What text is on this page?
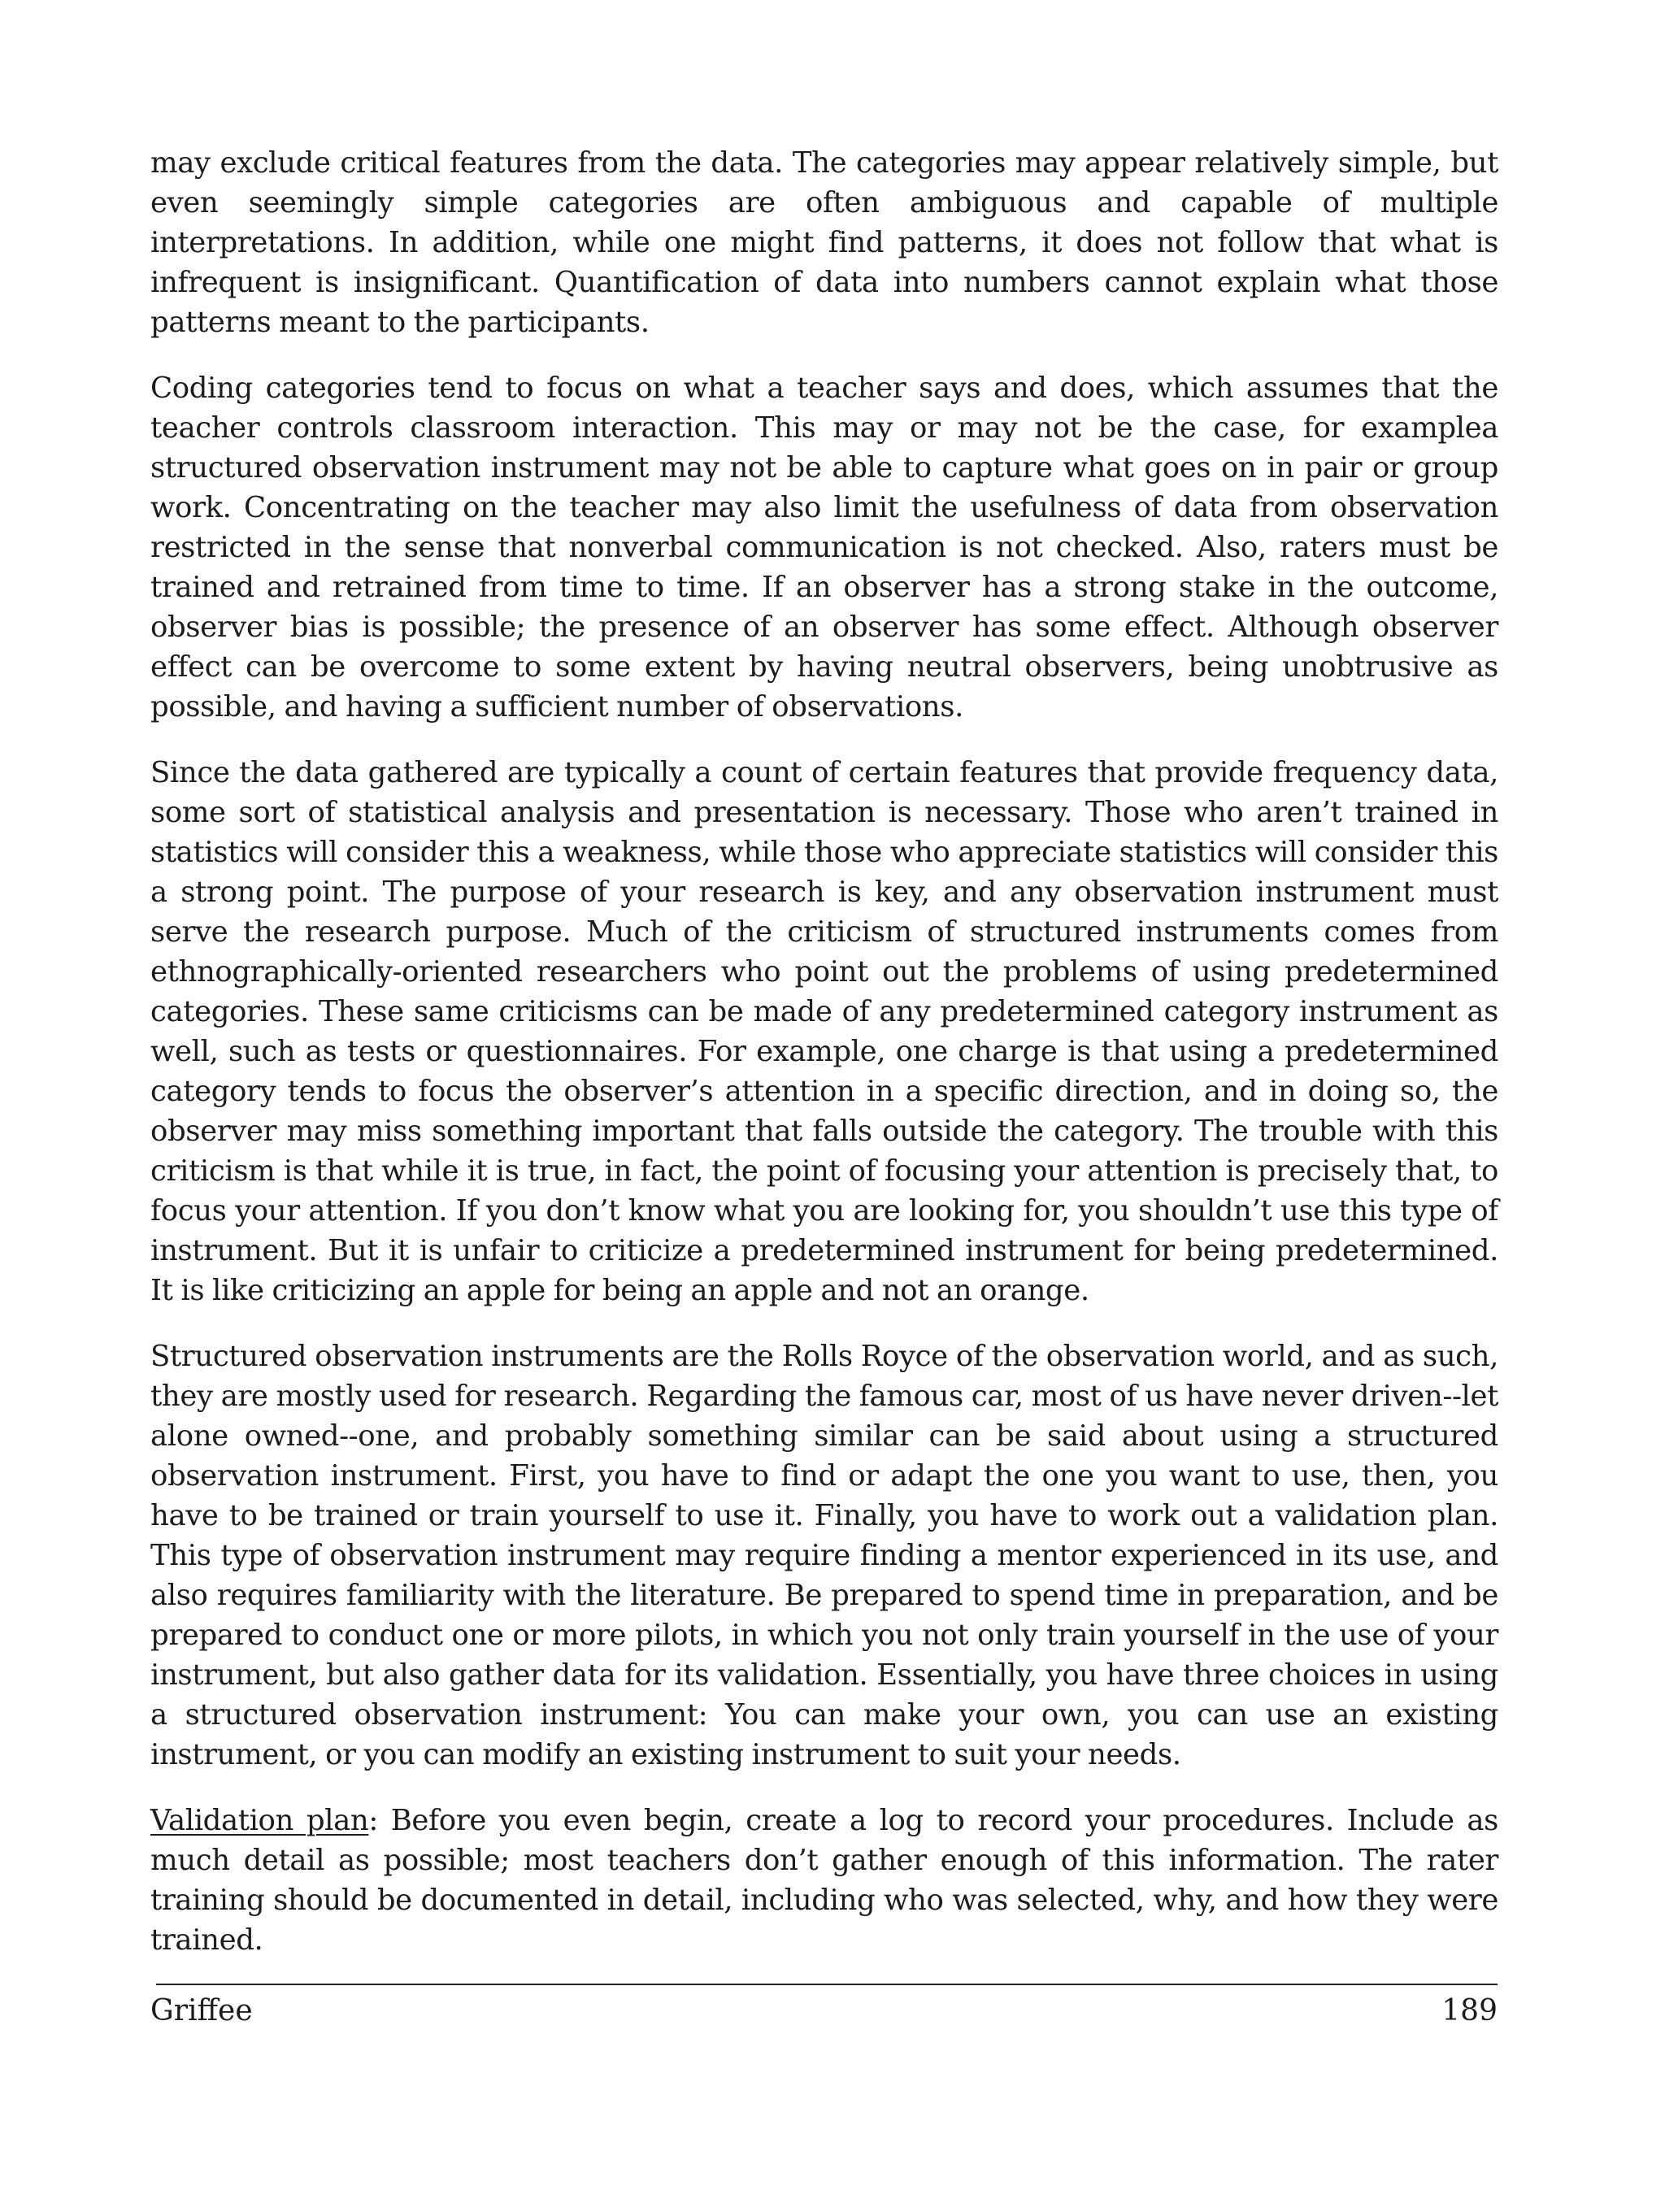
may exclude critical features from the data. The categories may appear relatively simple, but even seemingly simple categories are often ambiguous and capable of multiple interpretations. In addition, while one might find patterns, it does not follow that what is infrequent is insignificant. Quantification of data into numbers cannot explain what those patterns meant to the participants.

Coding categories tend to focus on what a teacher says and does, which assumes that the teacher controls classroom interaction. This may or may not be the case, for examplea structured observation instrument may not be able to capture what goes on in pair or group work. Concentrating on the teacher may also limit the usefulness of data from observation restricted in the sense that nonverbal communication is not checked. Also, raters must be trained and retrained from time to time. If an observer has a strong stake in the outcome, observer bias is possible; the presence of an observer has some effect. Although observer effect can be overcome to some extent by having neutral observers, being unobtrusive as possible, and having a sufficient number of observations.

Since the data gathered are typically a count of certain features that provide frequency data, some sort of statistical analysis and presentation is necessary. Those who aren’t trained in statistics will consider this a weakness, while those who appreciate statistics will consider this a strong point. The purpose of your research is key, and any observation instrument must serve the research purpose. Much of the criticism of structured instruments comes from ethnographically-oriented researchers who point out the problems of using predetermined categories. These same criticisms can be made of any predetermined category instrument as well, such as tests or questionnaires. For example, one charge is that using a predetermined category tends to focus the observer’s attention in a specific direction, and in doing so, the observer may miss something important that falls outside the category. The trouble with this criticism is that while it is true, in fact, the point of focusing your attention is precisely that, to focus your attention. If you don’t know what you are looking for, you shouldn’t use this type of instrument. But it is unfair to criticize a predetermined instrument for being predetermined. It is like criticizing an apple for being an apple and not an orange.

Structured observation instruments are the Rolls Royce of the observation world, and as such, they are mostly used for research. Regarding the famous car, most of us have never driven--let alone owned--one, and probably something similar can be said about using a structured observation instrument. First, you have to find or adapt the one you want to use, then, you have to be trained or train yourself to use it. Finally, you have to work out a validation plan. This type of observation instrument may require finding a mentor experienced in its use, and also requires familiarity with the literature. Be prepared to spend time in preparation, and be prepared to conduct one or more pilots, in which you not only train yourself in the use of your instrument, but also gather data for its validation. Essentially, you have three choices in using a structured observation instrument: You can make your own, you can use an existing instrument, or you can modify an existing instrument to suit your needs.

Validation plan: Before you even begin, create a log to record your procedures. Include as much detail as possible; most teachers don’t gather enough of this information. The rater training should be documented in detail, including who was selected, why, and how they were trained.

Griffee	189
